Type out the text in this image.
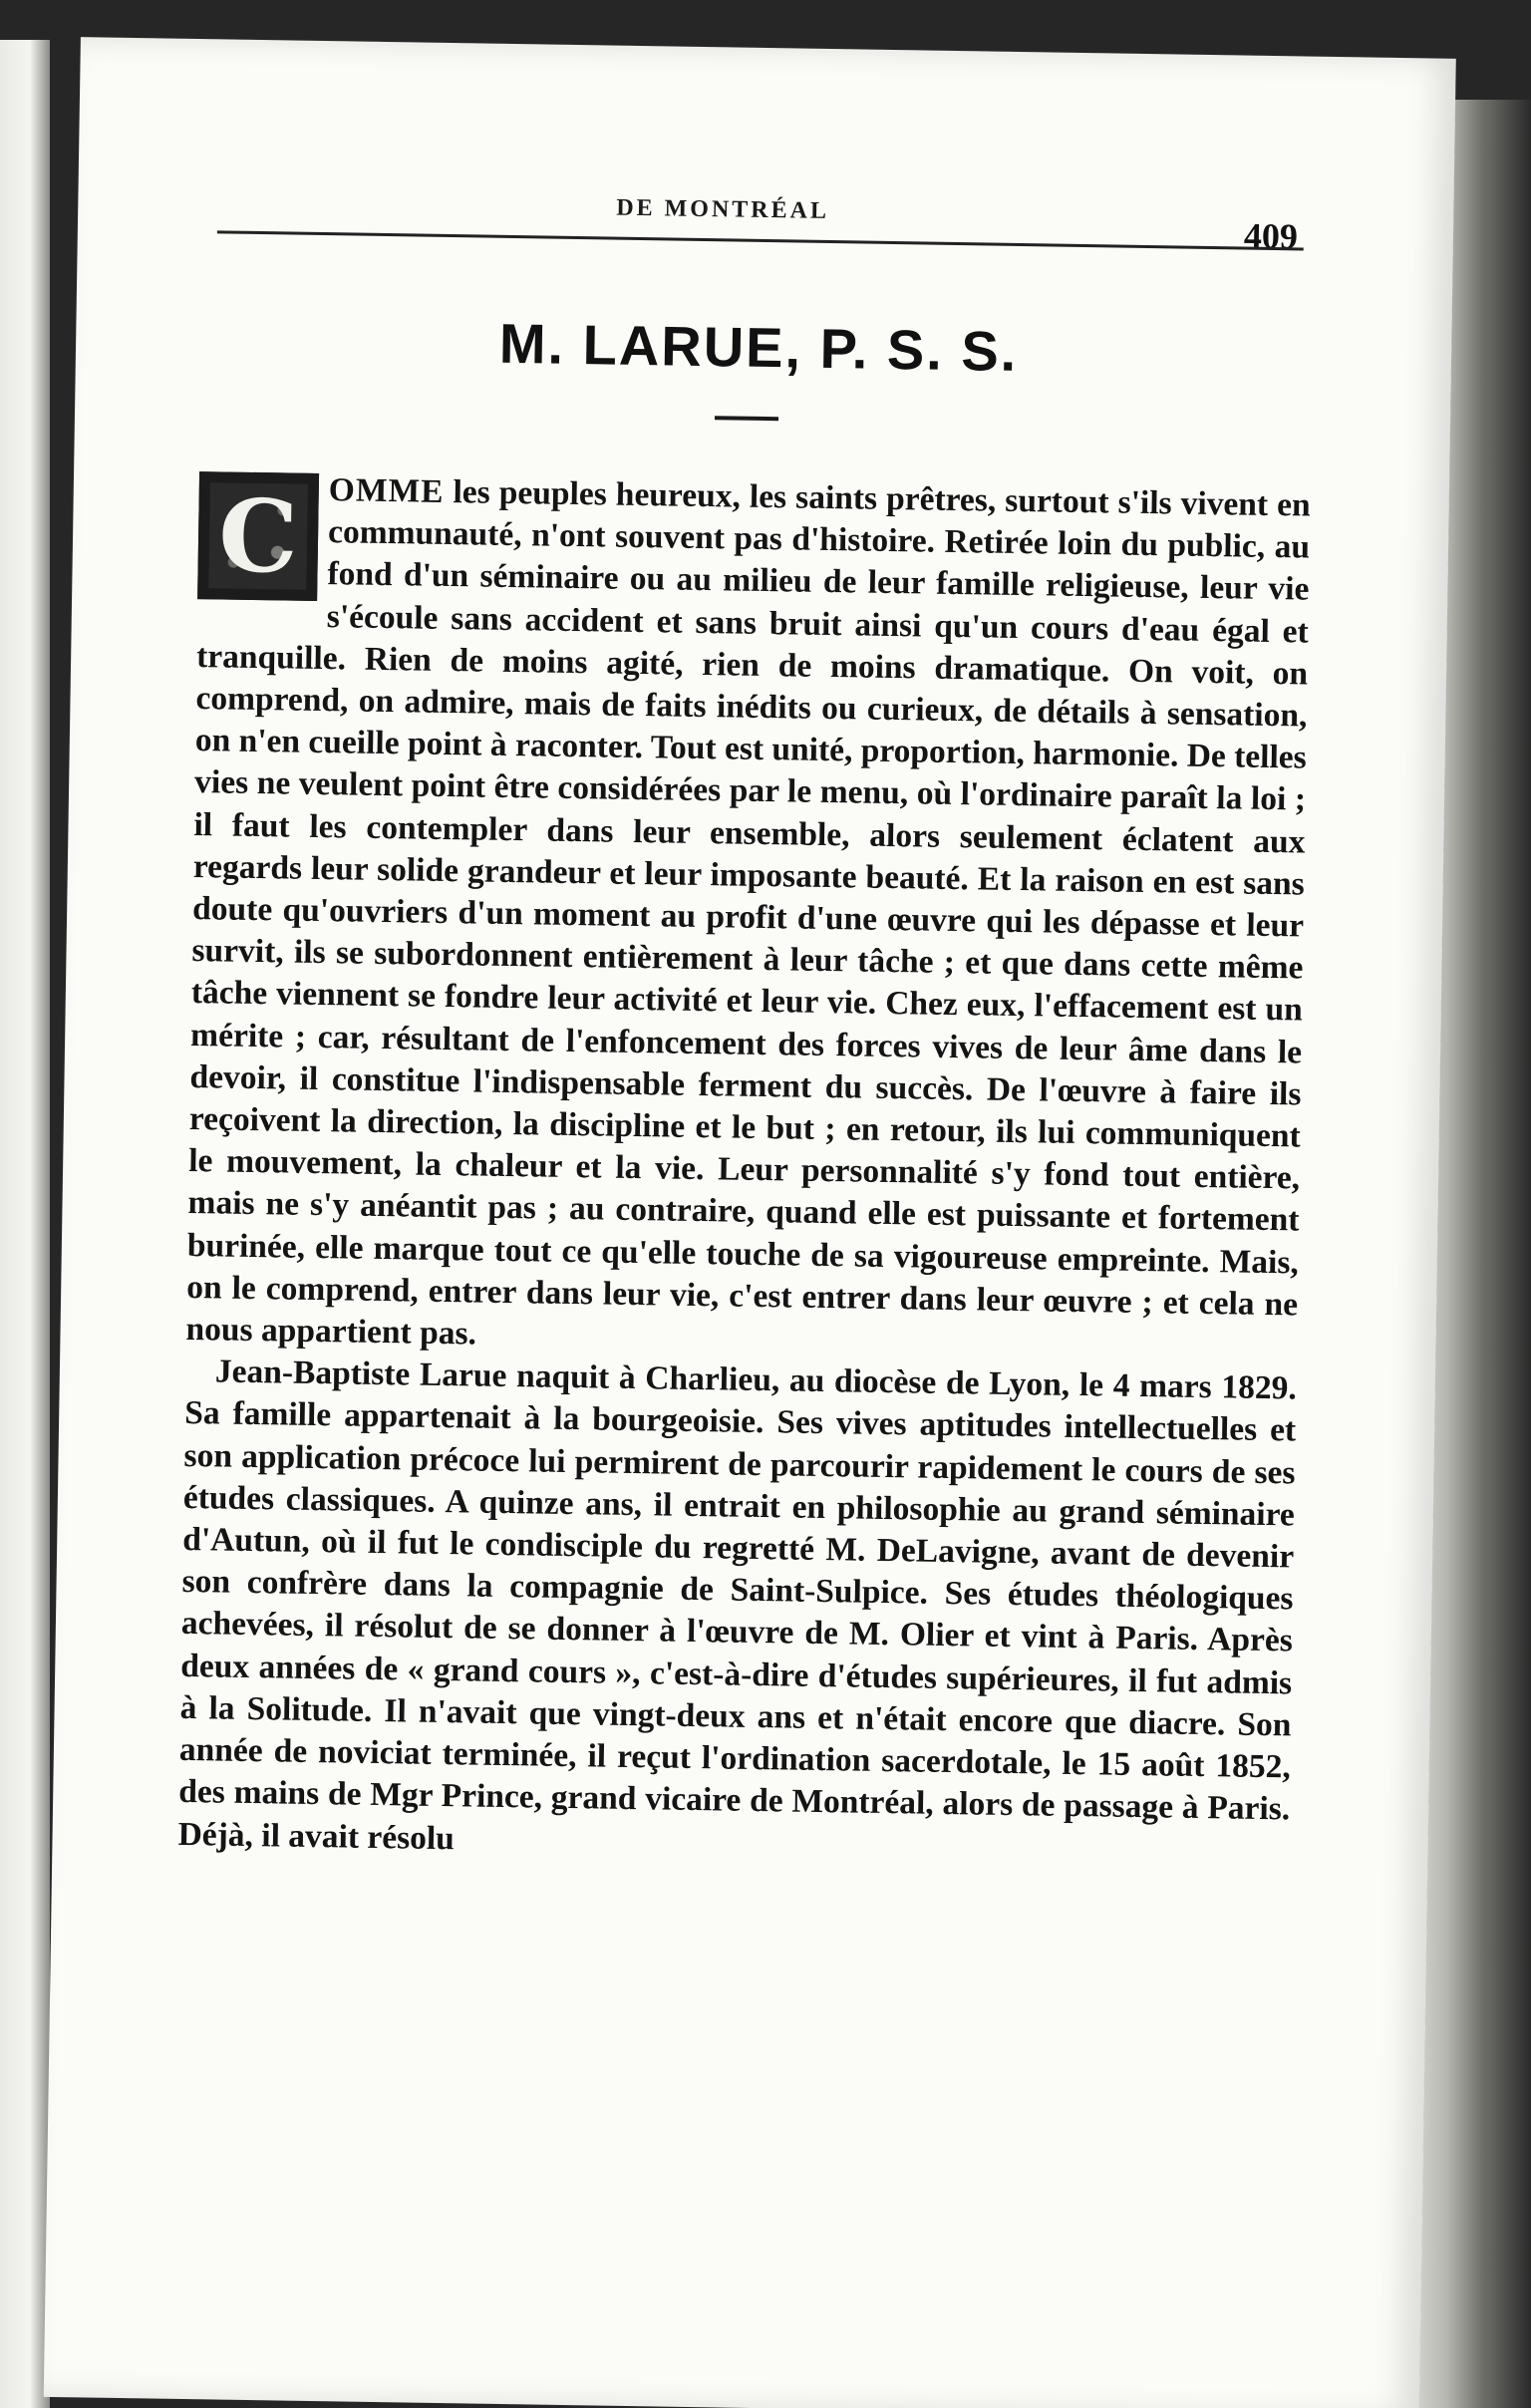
DE MONTRÉAL
409
M. LARUE, P. S. S.

C OMME les peuples heureux, les saints prêtres, surtout s'ils vivent en communauté, n'ont souvent pas d'histoire. Retirée loin du public, au fond d'un séminaire ou au milieu de leur famille religieuse, leur vie s'écoule sans accident et sans bruit ainsi qu'un cours d'eau égal et tranquille. Rien de moins agité, rien de moins dramatique. On voit, on comprend, on admire, mais de faits inédits ou curieux, de détails à sensation, on n'en cueille point à raconter. Tout est unité, proportion, harmonie. De telles vies ne veulent point être considérées par le menu, où l'ordinaire paraît la loi ; il faut les contempler dans leur ensemble, alors seulement éclatent aux regards leur solide grandeur et leur imposante beauté. Et la raison en est sans doute qu'ouvriers d'un moment au profit d'une œuvre qui les dépasse et leur survit, ils se subordonnent entièrement à leur tâche ; et que dans cette même tâche viennent se fondre leur activité et leur vie. Chez eux, l'effacement est un mérite ; car, résultant de l'enfoncement des forces vives de leur âme dans le devoir, il constitue l'indispensable ferment du succès. De l'œuvre à faire ils reçoivent la direction, la discipline et le but ; en retour, ils lui communiquent le mouvement, la chaleur et la vie. Leur personnalité s'y fond tout entière, mais ne s'y anéantit pas ; au contraire, quand elle est puissante et fortement burinée, elle marque tout ce qu'elle touche de sa vigoureuse empreinte. Mais, on le comprend, entrer dans leur vie, c'est entrer dans leur œuvre ; et cela ne nous appartient pas.

Jean-Baptiste Larue naquit à Charlieu, au diocèse de Lyon, le 4 mars 1829. Sa famille appartenait à la bourgeoisie. Ses vives aptitudes intellectuelles et son application précoce lui permirent de parcourir rapidement le cours de ses études classiques. A quinze ans, il entrait en philosophie au grand séminaire d'Autun, où il fut le condisciple du regretté M. DeLavigne, avant de devenir son confrère dans la compagnie de Saint-Sulpice. Ses études théologiques achevées, il résolut de se donner à l'œuvre de M. Olier et vint à Paris. Après deux années de « grand cours », c'est-à-dire d'études supérieures, il fut admis à la Solitude. Il n'avait que vingt-deux ans et n'était encore que diacre. Son année de noviciat terminée, il reçut l'ordination sacerdotale, le 15 août 1852, des mains de Mgr Prince, grand vicaire de Montréal, alors de passage à Paris. Déjà, il avait résolu
